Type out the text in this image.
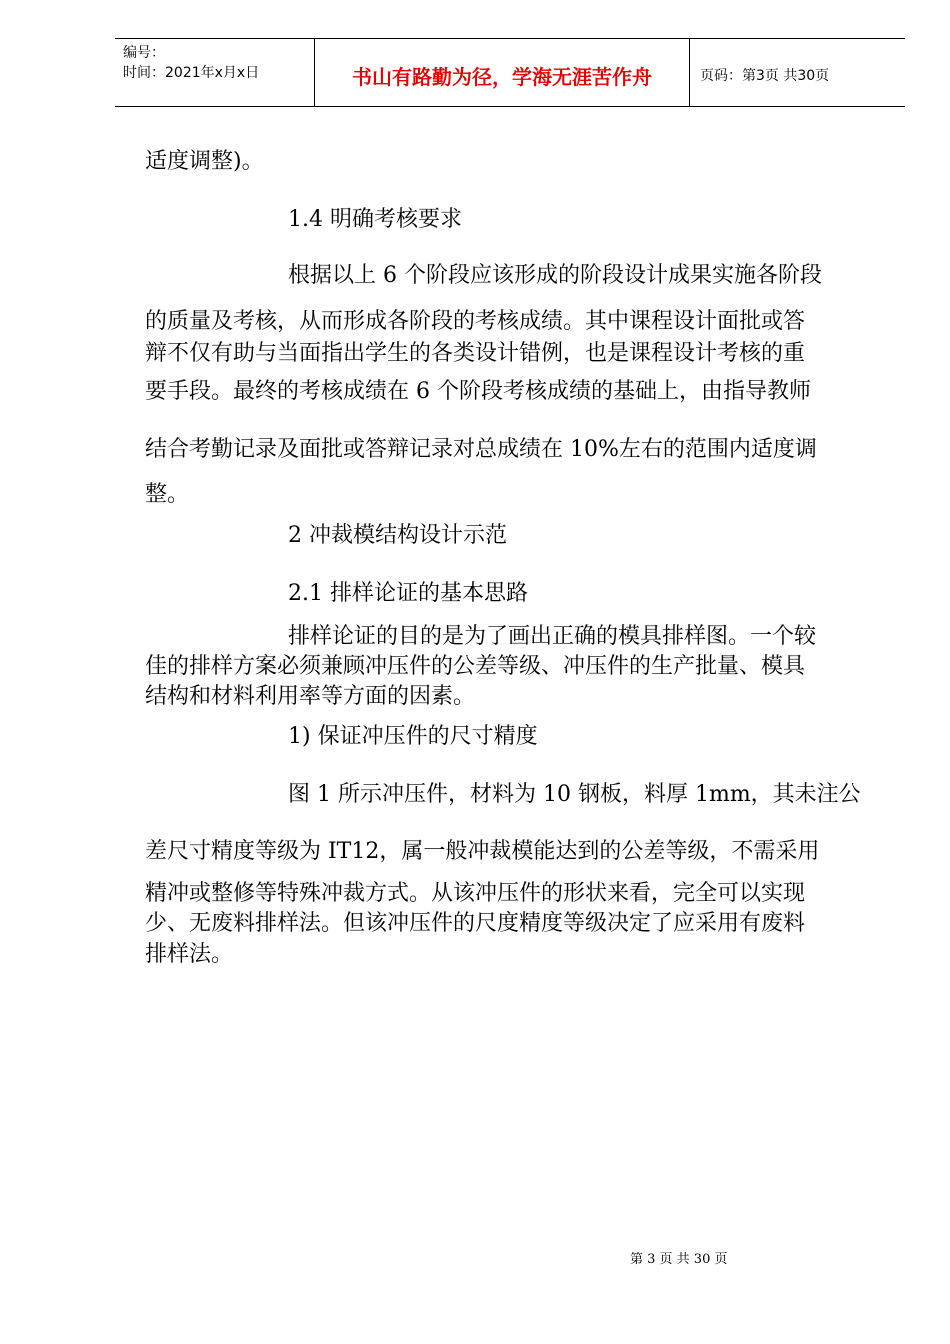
编号：
时间：2021年x月x日	书山有路勤为径，学海无涯苦作舟	页码：第3页 共30页
适度调整)。
1.4 明确考核要求
根据以上 6 个阶段应该形成的阶段设计成果实施各阶段
的质量及考核，从而形成各阶段的考核成绩。其中课程设计面批或答
辩不仅有助与当面指出学生的各类设计错例，也是课程设计考核的重
要手段。最终的考核成绩在 6 个阶段考核成绩的基础上，由指导教师
结合考勤记录及面批或答辩记录对总成绩在 10%左右的范围内适度调
整。
2 冲裁模结构设计示范
2.1 排样论证的基本思路
排样论证的目的是为了画出正确的模具排样图。一个较
佳的排样方案必须兼顾冲压件的公差等级、冲压件的生产批量、模具
结构和材料利用率等方面的因素。
1) 保证冲压件的尺寸精度
图 1 所示冲压件，材料为 10 钢板，料厚 1mm，其未注公
差尺寸精度等级为 IT12，属一般冲裁模能达到的公差等级，不需采用
精冲或整修等特殊冲裁方式。从该冲压件的形状来看，完全可以实现
少、无废料排样法。但该冲压件的尺度精度等级决定了应采用有废料
排样法。
第 3 页 共 30 页
